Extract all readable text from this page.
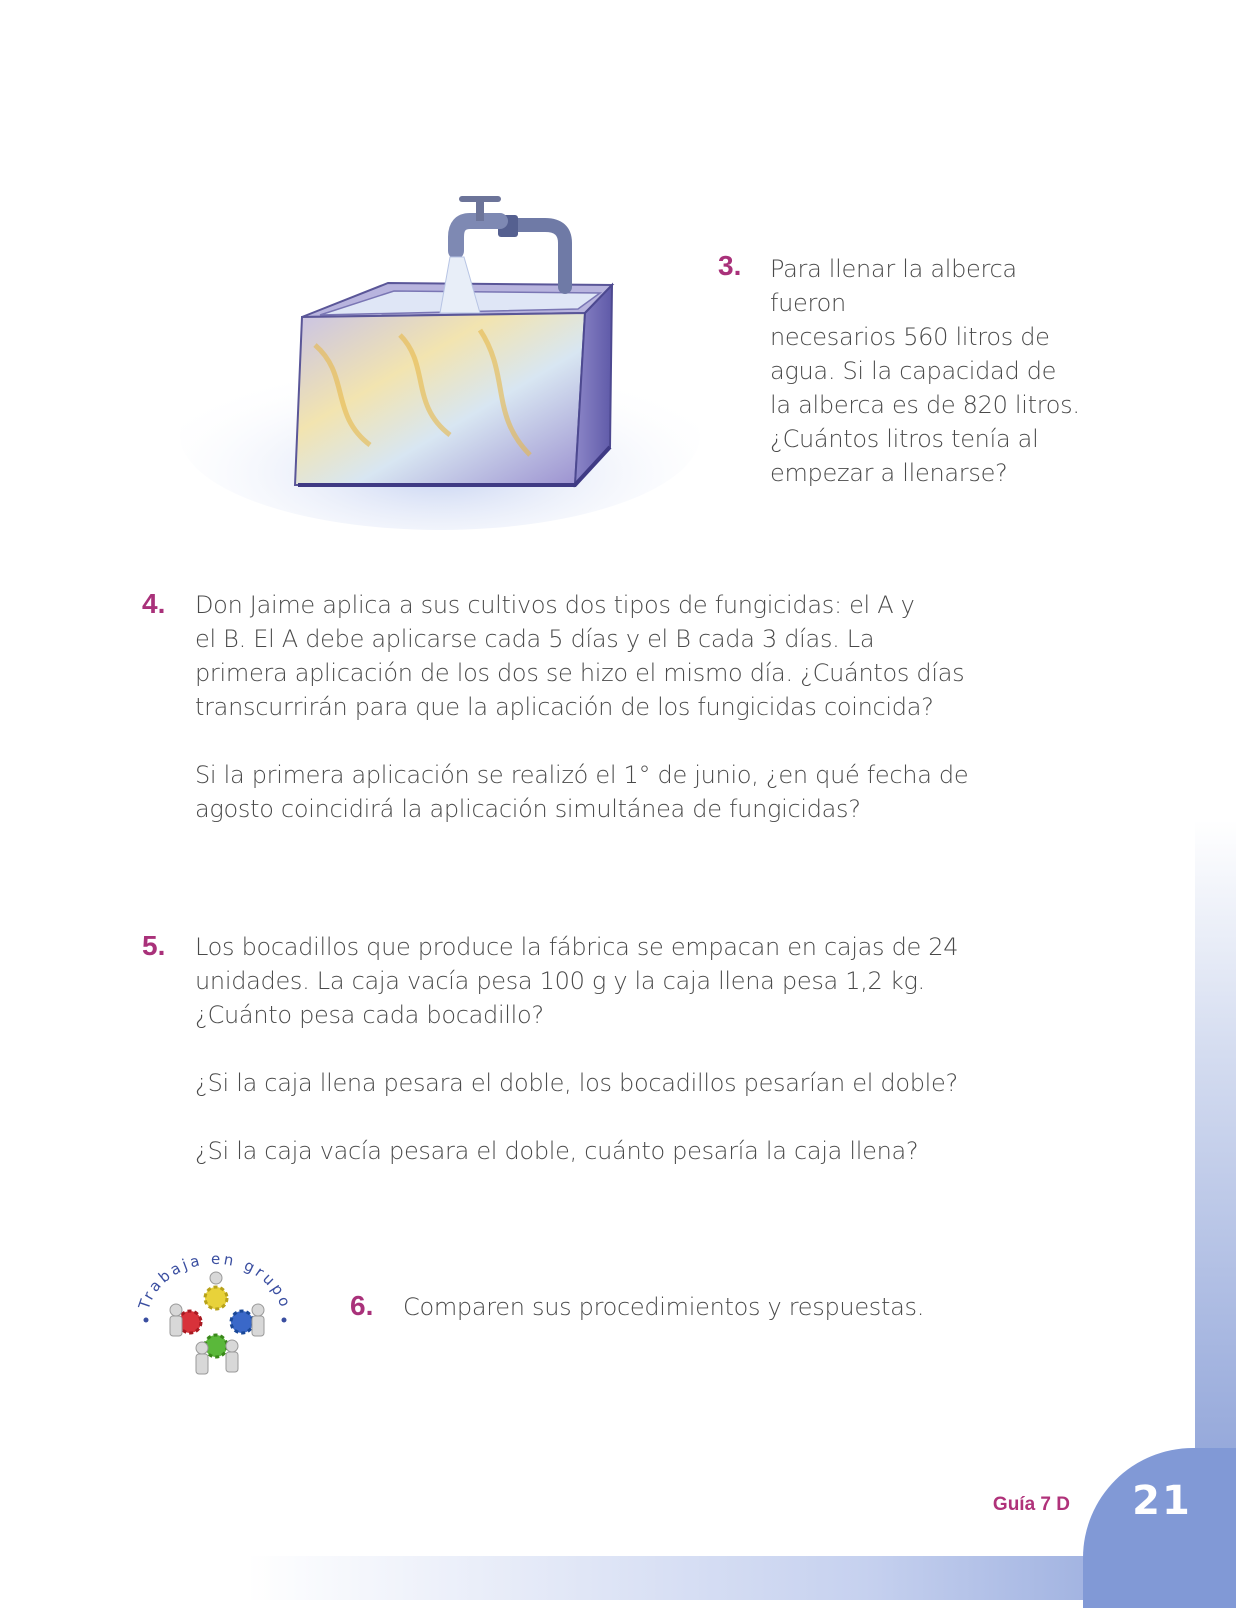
3. Para llenar la alberca fueron
necesarios 560 litros de
agua. Si la capacidad de
la alberca es de 820 litros.
¿Cuántos litros tenía al
empezar a llenarse?
4. Don Jaime aplica a sus cultivos dos tipos de fungicidas: el A y
el B. El A debe aplicarse cada 5 días y el B cada 3 días. La
primera aplicación de los dos se hizo el mismo día. ¿Cuántos días
transcurrirán para que la aplicación de los fungicidas coincida?
Si la primera aplicación se realizó el 1° de junio, ¿en qué fecha de
agosto coincidirá la aplicación simultánea de fungicidas?
5. Los bocadillos que produce la fábrica se empacan en cajas de 24
unidades. La caja vacía pesa 100 g y la caja llena pesa 1,2 kg.
¿Cuánto pesa cada bocadillo?
¿Si la caja llena pesara el doble, los bocadillos pesarían el doble?
¿Si la caja vacía pesara el doble, cuánto pesaría la caja llena?
Trabaja en grupo 6. Comparen sus procedimientos y respuestas.
Guía 7 D	21
